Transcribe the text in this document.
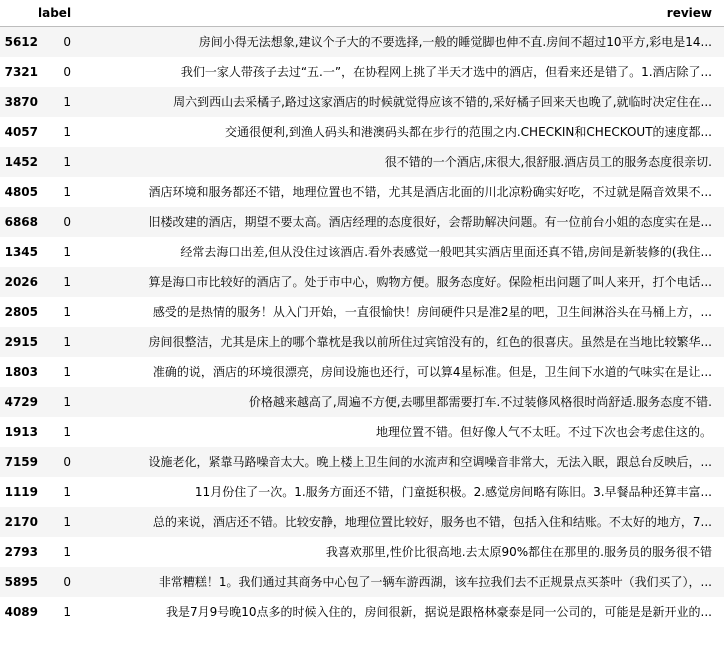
	label	review
5612	0	房间小得无法想象,建议个子大的不要选择,一般的睡觉脚也伸不直.房间不超过10平方,彩电是14...
7321	0	我们一家人带孩子去过“五.一”，在协程网上挑了半天才选中的酒店，但看来还是错了。1.酒店除了...
3870	1	周六到西山去采橘子,路过这家酒店的时候就觉得应该不错的,采好橘子回来天也晚了,就临时决定住在...
4057	1	交通很便利,到渔人码头和港澳码头都在步行的范围之内.CHECKIN和CHECKOUT的速度都...
1452	1	很不错的一个酒店,床很大,很舒服.酒店员工的服务态度很亲切.
4805	1	酒店环境和服务都还不错，地理位置也不错，尤其是酒店北面的川北凉粉确实好吃，不过就是隔音效果不...
6868	0	旧楼改建的酒店，期望不要太高。酒店经理的态度很好，会帮助解决问题。有一位前台小姐的态度实在是...
1345	1	经常去海口出差,但从没住过该酒店.看外表感觉一般吧其实酒店里面还真不错,房间是新装修的(我住...
2026	1	算是海口市比较好的酒店了。处于市中心，购物方便。服务态度好。保险柜出问题了叫人来开，打个电话...
2805	1	感受的是热情的服务！从入门开始，一直很愉快！房间硬件只是准2星的吧，卫生间淋浴头在马桶上方，...
2915	1	房间很整洁，尤其是床上的哪个靠枕是我以前所住过宾馆没有的，红色的很喜庆。虽然是在当地比较繁华...
1803	1	准确的说，酒店的环境很漂亮，房间设施也还行，可以算4星标准。但是，卫生间下水道的气味实在是让...
4729	1	价格越来越高了,周遍不方便,去哪里都需要打车.不过装修风格很时尚舒适.服务态度不错.
1913	1	地理位置不错。但好像人气不太旺。不过下次也会考虑住这的。
7159	0	设施老化，紧靠马路噪音太大。晚上楼上卫生间的水流声和空调噪音非常大，无法入眠，跟总台反映后，...
1119	1	11月份住了一次。1.服务方面还不错，门童挺积极。2.感觉房间略有陈旧。3.早餐品种还算丰富...
2170	1	总的来说，酒店还不错。比较安静，地理位置比较好，服务也不错，包括入住和结账。不太好的地方，7...
2793	1	我喜欢那里,性价比很高地.去太原90%都住在那里的.服务员的服务很不错
5895	0	非常糟糕！1。我们通过其商务中心包了一辆车游西湖，该车拉我们去不正规景点买茶叶（我们买了），...
4089	1	我是7月9号晚10点多的时候入住的，房间很新，据说是跟格林豪泰是同一公司的，可能是是新开业的...
